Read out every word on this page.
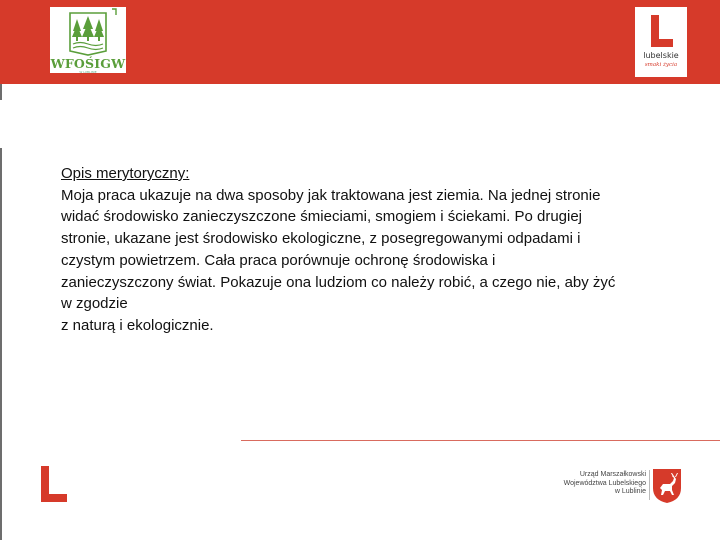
WFOŚIGW
W LUBLINIE
lubelskie
smaki życia
Opis merytoryczny:
Moja praca ukazuje na dwa sposoby jak traktowana jest ziemia. Na jednej stronie
widać środowisko zanieczyszczone śmieciami, smogiem i ściekami. Po drugiej
stronie, ukazane jest środowisko ekologiczne, z posegregowanymi odpadami i
czystym powietrzem. Cała praca porównuje ochronę środowiska i
zanieczyszczony świat. Pokazuje ona ludziom co należy robić, a czego nie, aby żyć
w zgodzie
z naturą i ekologicznie.
Urząd Marszałkowski
Województwa Lubelskiego
w Lublinie
